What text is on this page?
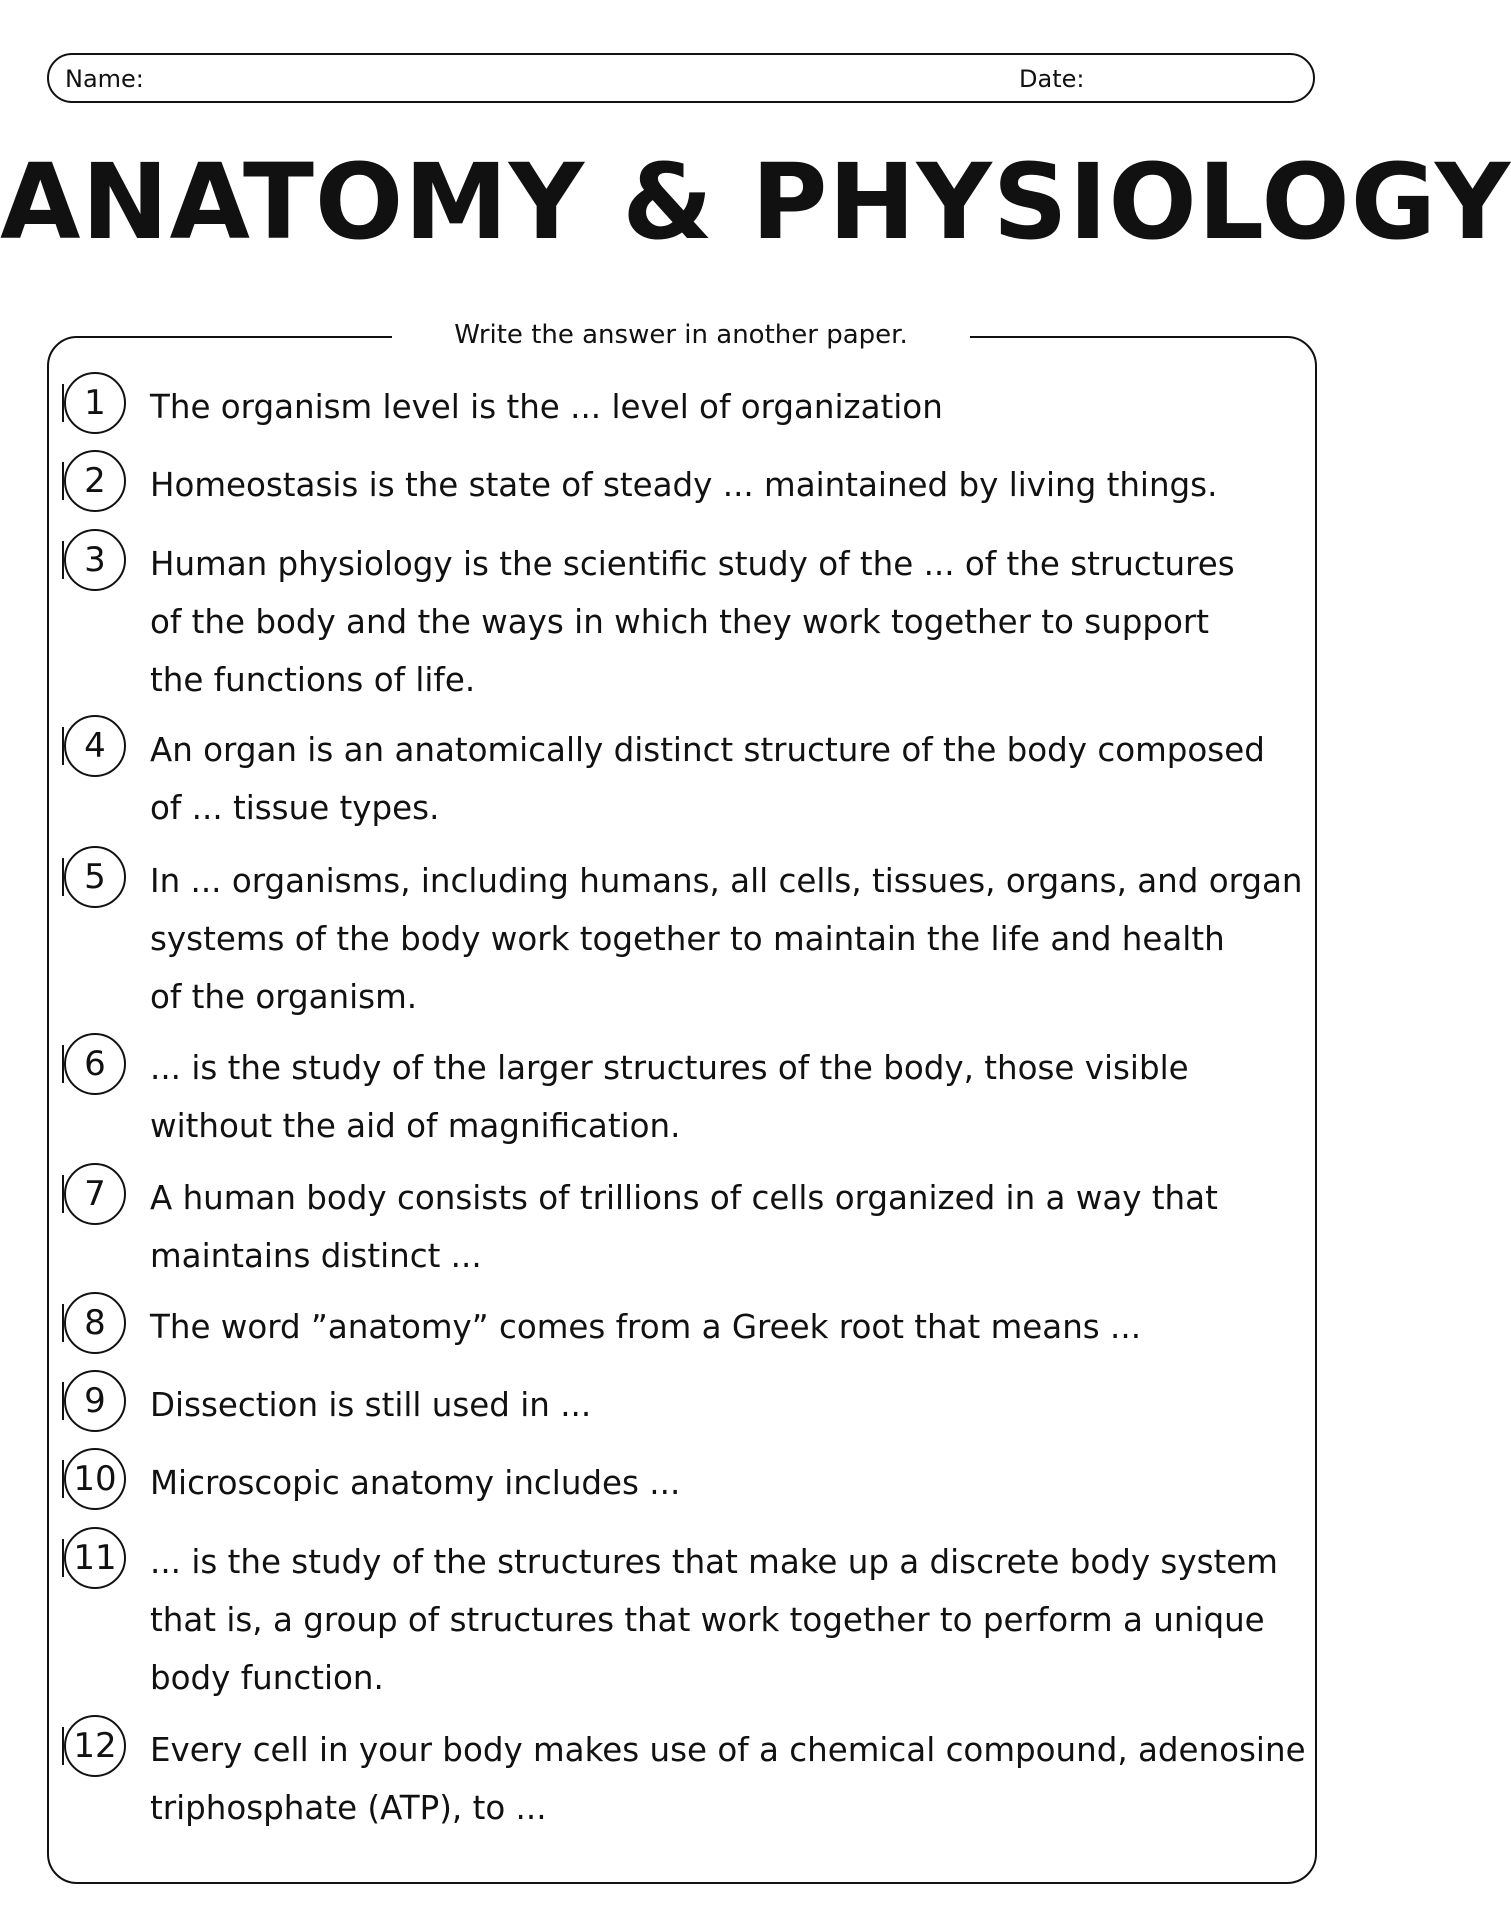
Name:	Date:
ANATOMY & PHYSIOLOGY
Write the answer in another paper.
1	The organism level is the ... level of organization
2	Homeostasis is the state of steady ... maintained by living things.
3	Human physiology is the scientific study of the ... of the structures
of the body and the ways in which they work together to support
the functions of life.
4	An organ is an anatomically distinct structure of the body composed
of ... tissue types.
5	In ... organisms, including humans, all cells, tissues, organs, and organ
systems of the body work together to maintain the life and health
of the organism.
6	... is the study of the larger structures of the body, those visible
without the aid of magnification.
7	A human body consists of trillions of cells organized in a way that
maintains distinct ...
8	The word ”anatomy” comes from a Greek root that means ...
9	Dissection is still used in ...
10 Microscopic anatomy includes ...
11 ... is the study of the structures that make up a discrete body system
that is, a group of structures that work together to perform a unique
body function.
12 Every cell in your body makes use of a chemical compound, adenosine
triphosphate (ATP), to ...
